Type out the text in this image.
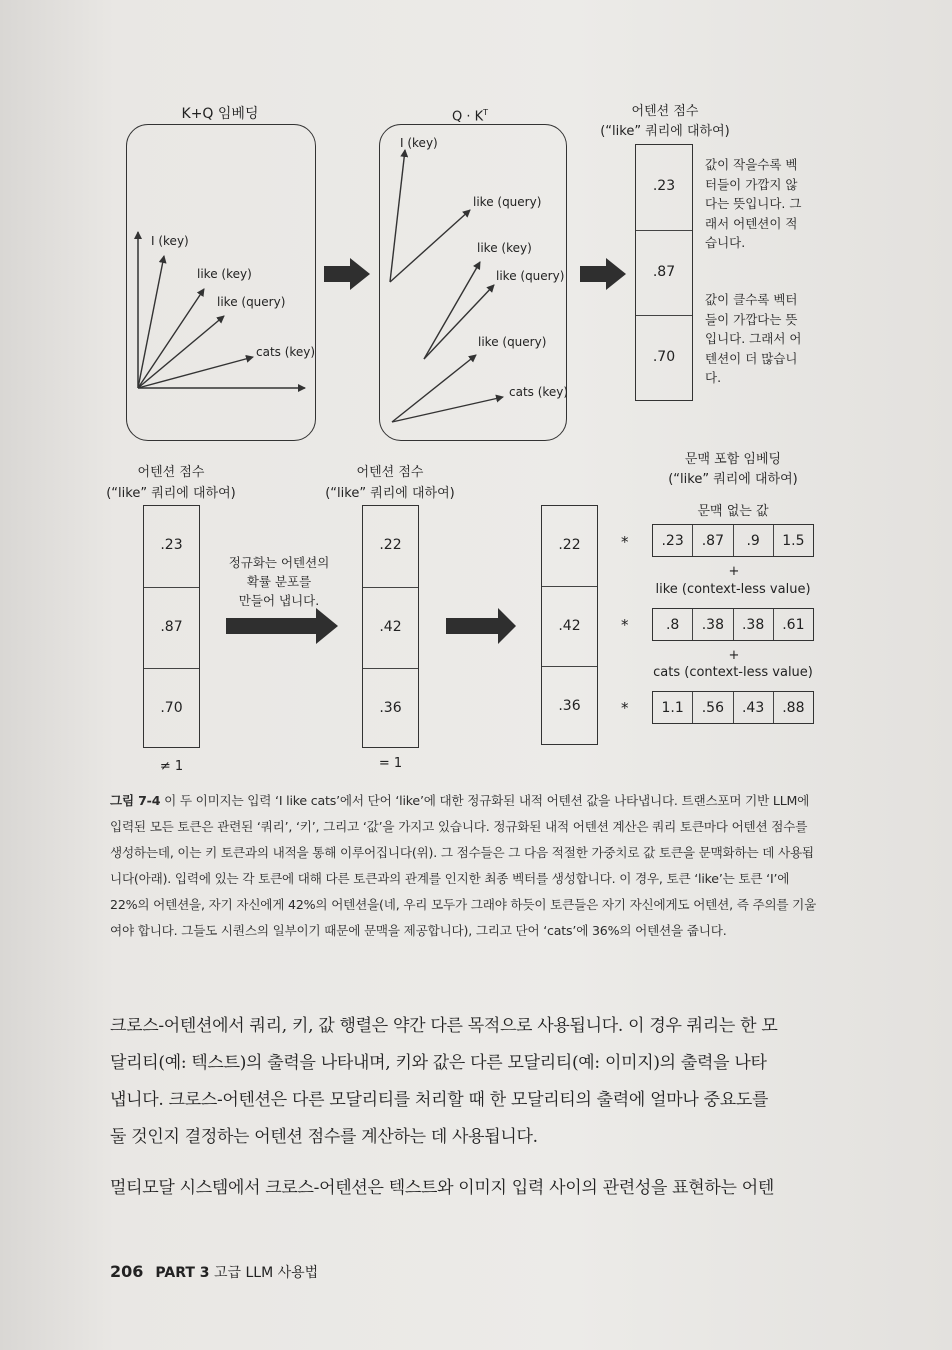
K+Q 임베딩	$Q \cdot K^T$
I (key)
like (key)
like (query)
cats (key)
I (key)
like (query)
like (key)
like (query)
like (query)
cats (key)
어텐션 점수
(“like” 쿼리에 대하여)
.23
.87
.70
값이 작을수록 벡
터들이 가깝지 않
다는 뜻입니다. 그
래서 어텐션이 적
습니다.
값이 클수록 벡터
들이 가깝다는 뜻
입니다. 그래서 어
텐션이 더 많습니
다.
어텐션 점수
(“like” 쿼리에 대하여)
.23
.87
.70
≠ 1
정규화는 어텐션의
확률 분포를
만들어 냅니다.
어텐션 점수
(“like” 쿼리에 대하여)
.22
.42
.36
= 1
.22
.42
.36
*
*
*
문맥 포함 임베딩
(“like” 쿼리에 대하여)
문맥 없는 값
.23	.87	.9	1.5
+
like (context-less value)
.8	.38	.38	.61
+
cats (context-less value)
1.1	.56	.43	.88
그림 7-4 이 두 이미지는 입력 ‘I like cats’에서 단어 ‘like’에 대한 정규화된 내적 어텐션 값을 나타냅니다. 트랜스포머 기반 LLM에 입력된 모든 토큰은 관련된 ‘쿼리’, ‘키’, 그리고 ‘값’을 가지고 있습니다. 정규화된 내적 어텐션 계산은 쿼리 토큰마다 어텐션 점수를 생성하는데, 이는 키 토큰과의 내적을 통해 이루어집니다(위). 그 점수들은 그 다음 적절한 가중치로 값 토큰을 문맥화하는 데 사용됩니다(아래). 입력에 있는 각 토큰에 대해 다른 토큰과의 관계를 인지한 최종 벡터를 생성합니다. 이 경우, 토큰 ‘like’는 토큰 ‘I’에 22%의 어텐션을, 자기 자신에게 42%의 어텐션을(네, 우리 모두가 그래야 하듯이 토큰들은 자기 자신에게도 어텐션, 즉 주의를 기울여야 합니다. 그들도 시퀀스의 일부이기 때문에 문맥을 제공합니다), 그리고 단어 ‘cats’에 36%의 어텐션을 줍니다.
크로스-어텐션에서 쿼리, 키, 값 행렬은 약간 다른 목적으로 사용됩니다. 이 경우 쿼리는 한 모
달리티(예: 텍스트)의 출력을 나타내며, 키와 값은 다른 모달리티(예: 이미지)의 출력을 나타
냅니다. 크로스-어텐션은 다른 모달리티를 처리할 때 한 모달리티의 출력에 얼마나 중요도를
둘 것인지 결정하는 어텐션 점수를 계산하는 데 사용됩니다.
멀티모달 시스템에서 크로스-어텐션은 텍스트와 이미지 입력 사이의 관련성을 표현하는 어텐
206 PART 3 고급 LLM 사용법
